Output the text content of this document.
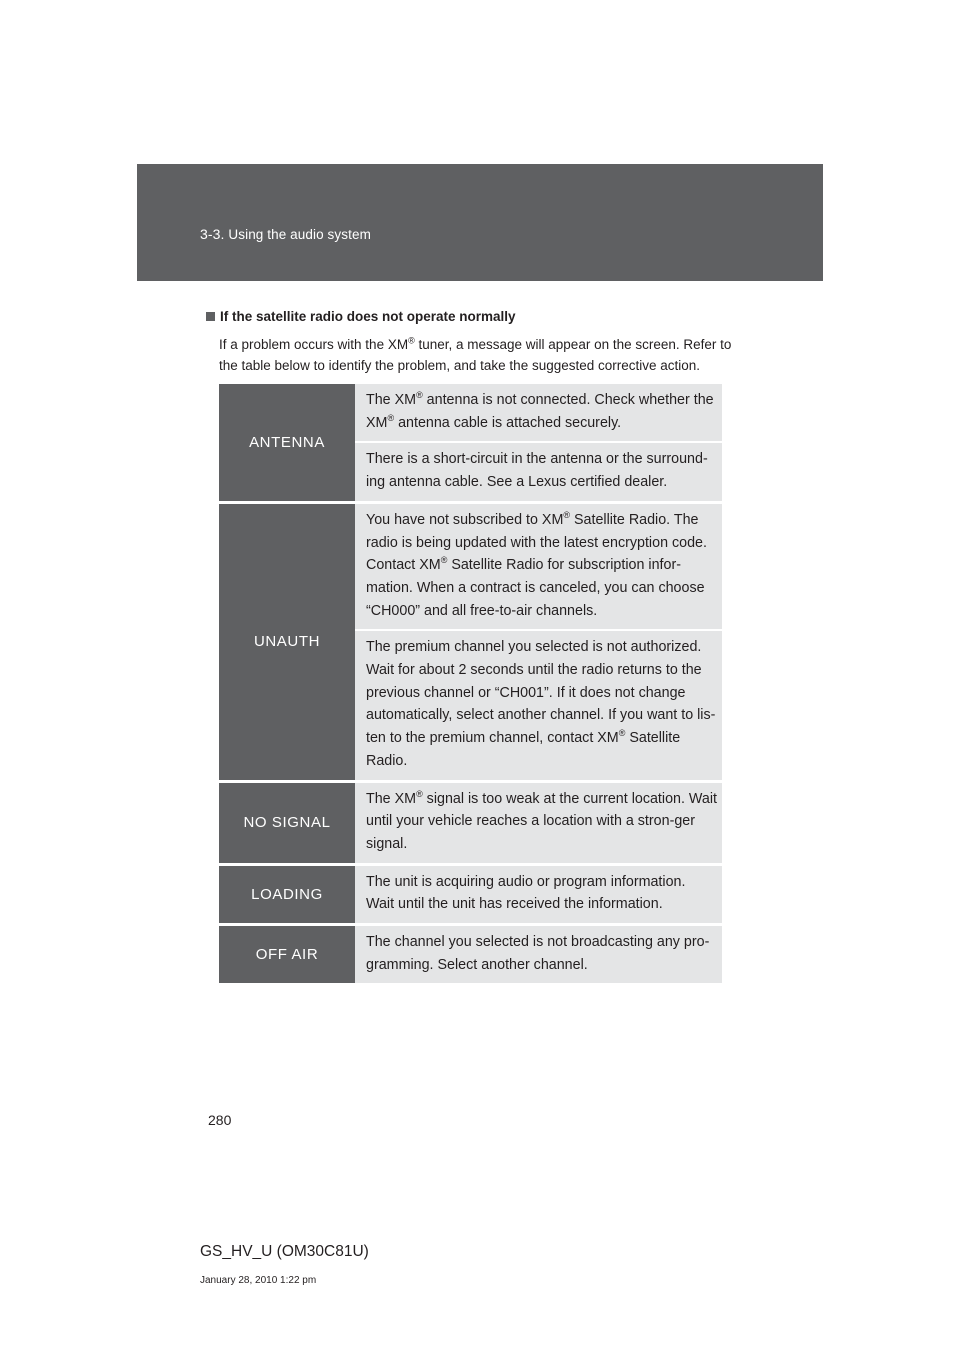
3-3. Using the audio system
If the satellite radio does not operate normally

If a problem occurs with the XM® tuner, a message will appear on the screen. Refer to the table below to identify the problem, and take the suggested corrective action.

ANTENNA

The XM® antenna is not connected. Check whether the XM® antenna cable is attached securely.

There is a short-circuit in the antenna or the surround-ing antenna cable. See a Lexus certified dealer.

UNAUTH

You have not subscribed to XM® Satellite Radio. The radio is being updated with the latest encryption code. Contact XM® Satellite Radio for subscription infor-mation. When a contract is canceled, you can choose “CH000” and all free-to-air channels.

The premium channel you selected is not authorized. Wait for about 2 seconds until the radio returns to the previous channel or “CH001”. If it does not change automatically, select another channel. If you want to lis-ten to the premium channel, contact XM® Satellite Radio.

NO SIGNAL

The XM® signal is too weak at the current location. Wait until your vehicle reaches a location with a stron-ger signal.

LOADING

The unit is acquiring audio or program information. Wait until the unit has received the information.

OFF AIR

The channel you selected is not broadcasting any pro-gramming. Select another channel.

280
GS_HV_U (OM30C81U)
January 28, 2010 1:22 pm
